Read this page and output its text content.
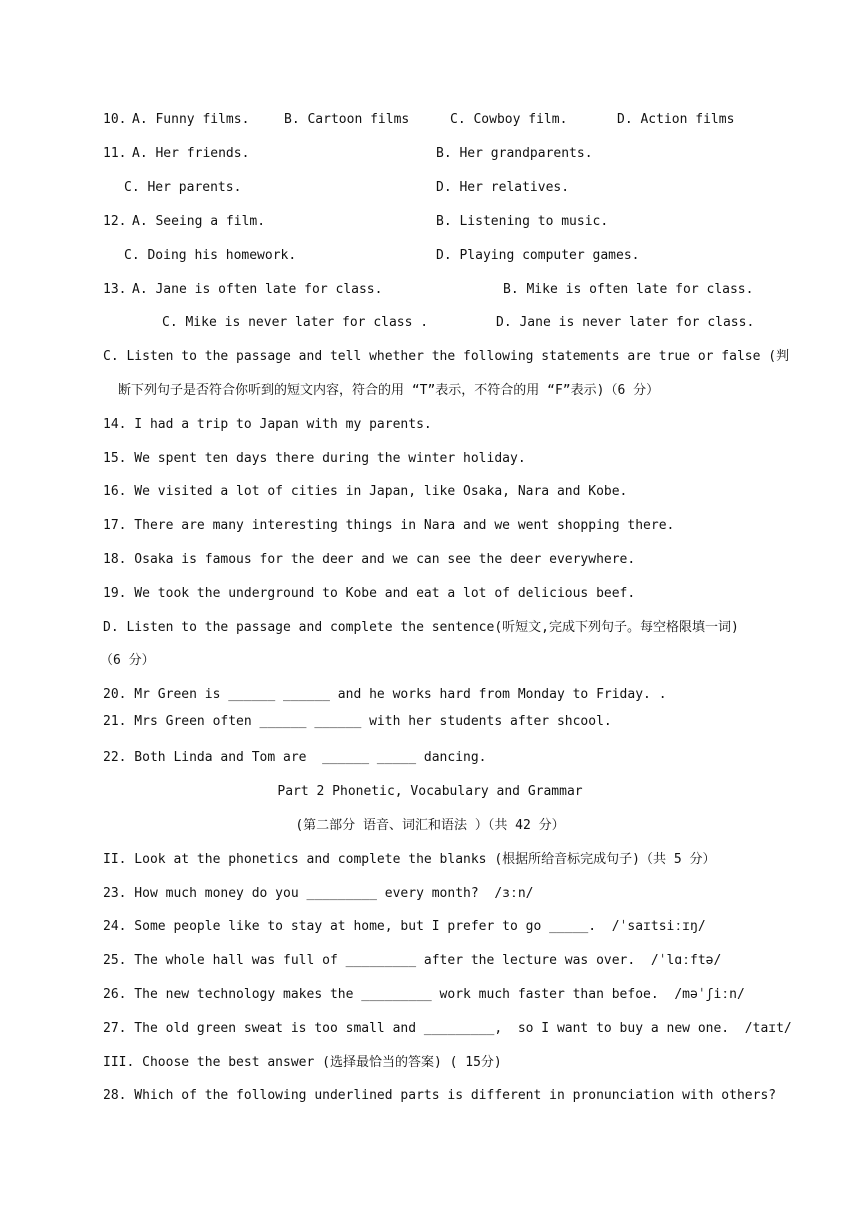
10. A. Funny films.	B. Cartoon films	C. Cowboy film.	D. Action films
11. A. Her friends.	B. Her grandparents.
C. Her parents.	D. Her relatives.
12. A. Seeing a film.	B. Listening to music.
C. Doing his homework.	D. Playing computer games.
13. A. Jane is often late for class.	B. Mike is often late for class.
C. Mike is never later for class .	D. Jane is never later for class.
C. Listen to the passage and tell whether the following statements are true or false (判
断下列句子是否符合你听到的短文内容，符合的用 “T”表示，不符合的用 “F”表示)（6 分）
14. I had a trip to Japan with my parents.
15. We spent ten days there during the winter holiday.
16. We visited a lot of cities in Japan, like Osaka, Nara and Kobe.
17. There are many interesting things in Nara and we went shopping there.
18. Osaka is famous for the deer and we can see the deer everywhere.
19. We took the underground to Kobe and eat a lot of delicious beef.
D. Listen to the passage and complete the sentence(听短文,完成下列句子。每空格限填一词)
（6 分）
20. Mr Green is ______ ______ and he works hard from Monday to Friday. .
21. Mrs Green often ______ ______ with her students after shcool.
22. Both Linda and Tom are  ______ _____ dancing.
Part 2 Phonetic, Vocabulary and Grammar
(第二部分 语音、词汇和语法 ）（共 42 分）
II. Look at the phonetics and complete the blanks (根据所给音标完成句子)（共 5 分）
23. How much money do you _________ every month?  /ɜːn/
24. Some people like to stay at home, but I prefer to go _____.  /ˈsaɪtsiːɪŋ/
25. The whole hall was full of _________ after the lecture was over.  /ˈlɑːftə/
26. The new technology makes the _________ work much faster than befoe.  /məˈʃiːn/
27. The old green sweat is too small and _________,  so I want to buy a new one.  /taɪt/
III. Choose the best answer (选择最恰当的答案) ( 15分)
28. Which of the following underlined parts is different in pronunciation with others?
